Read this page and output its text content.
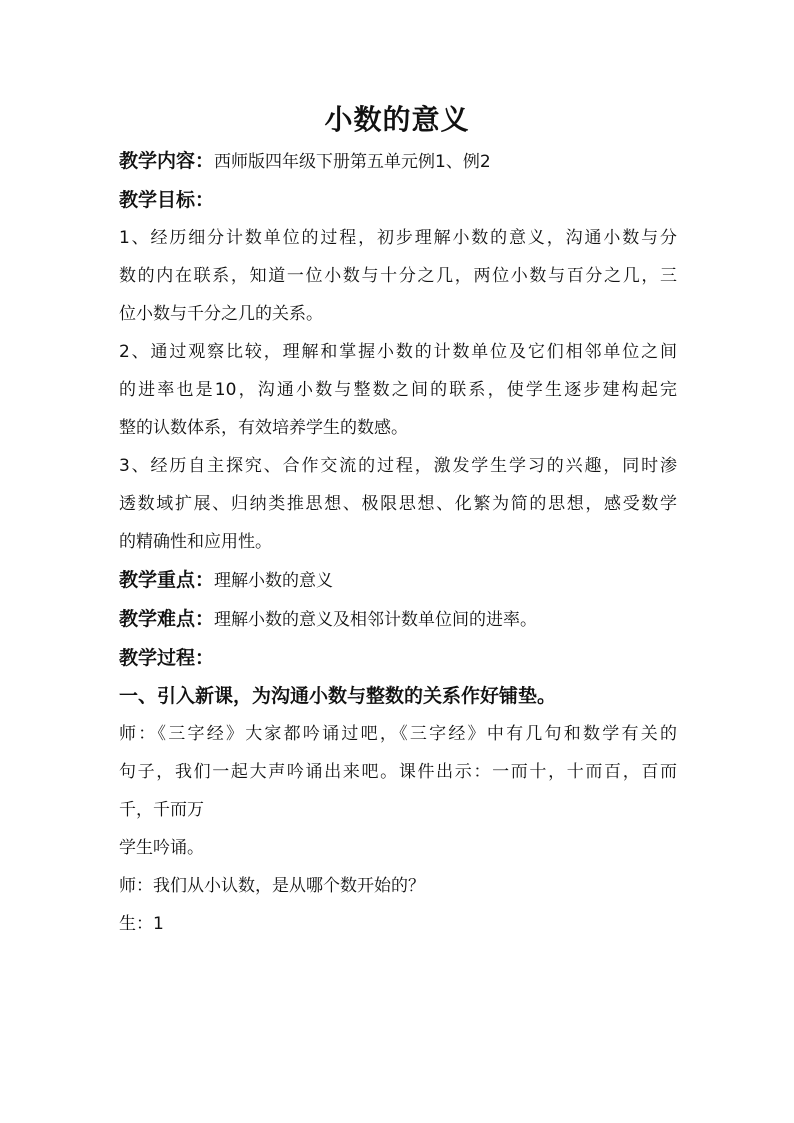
小数的意义
教学内容：西师版四年级下册第五单元例1、例2
教学目标：
1、经历细分计数单位的过程，初步理解小数的意义，沟通小数与分
数的内在联系，知道一位小数与十分之几，两位小数与百分之几，三
位小数与千分之几的关系。
2、通过观察比较，理解和掌握小数的计数单位及它们相邻单位之间
的进率也是10，沟通小数与整数之间的联系，使学生逐步建构起完
整的认数体系，有效培养学生的数感。
3、经历自主探究、合作交流的过程，激发学生学习的兴趣，同时渗
透数域扩展、归纳类推思想、极限思想、化繁为简的思想，感受数学
的精确性和应用性。
教学重点：理解小数的意义
教学难点：理解小数的意义及相邻计数单位间的进率。
教学过程：
一、引入新课，为沟通小数与整数的关系作好铺垫。
师：《三字经》大家都吟诵过吧，《三字经》中有几句和数学有关的
句子，我们一起大声吟诵出来吧。课件出示：一而十，十而百，百而
千，千而万
学生吟诵。
师：我们从小认数，是从哪个数开始的？
生：1
